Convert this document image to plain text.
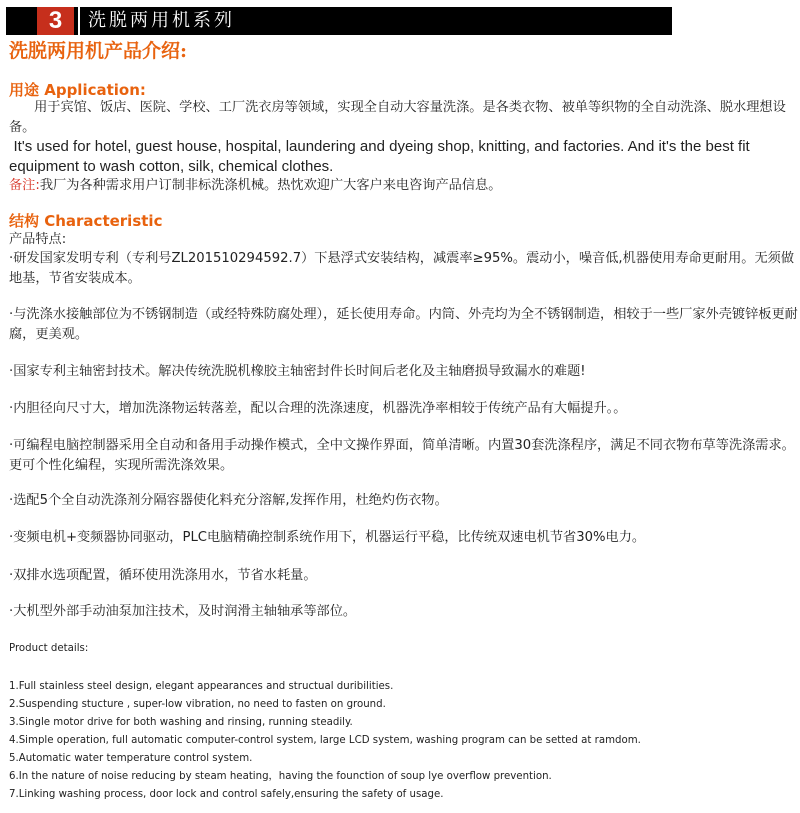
3	洗脱两用机系列
洗脱两用机产品介绍:
用途 Application:

用于宾馆、饭店、医院、学校、工厂洗衣房等领域，实现全自动大容量洗涤。是各类衣物、被单等织物的全自动洗涤、脱水理想设备。

It's used for hotel, guest house, hospital, laundering and dyeing shop, knitting, and factories. And it's the best fit equipment to wash cotton, silk, chemical clothes.

备注:我厂为各种需求用户订制非标洗涤机械。热忱欢迎广大客户来电咨询产品信息。

结构 Characteristic

产品特点:

·研发国家发明专利（专利号ZL201510294592.7）下悬浮式安装结构，减震率≥95%。震动小，噪音低,机器使用寿命更耐用。无须做地基，节省安装成本。

·与洗涤水接触部位为不锈钢制造（或经特殊防腐处理），延长使用寿命。内筒、外壳均为全不锈钢制造，相较于一些厂家外壳镀锌板更耐腐，更美观。

·国家专利主轴密封技术。解决传统洗脱机橡胶主轴密封件长时间后老化及主轴磨损导致漏水的难题!

·内胆径向尺寸大，增加洗涤物运转落差，配以合理的洗涤速度，机器洗净率相较于传统产品有大幅提升。。

·可编程电脑控制器采用全自动和备用手动操作模式，全中文操作界面，简单清晰。内置30套洗涤程序，满足不同衣物布草等洗涤需求。更可个性化编程，实现所需洗涤效果。

·选配5个全自动洗涤剂分隔容器使化料充分溶解,发挥作用，杜绝灼伤衣物。

·变频电机+变频器协同驱动，PLC电脑精确控制系统作用下，机器运行平稳，比传统双速电机节省30%电力。

·双排水选项配置，循环使用洗涤用水，节省水耗量。

·大机型外部手动油泵加注技术，及时润滑主轴轴承等部位。

Product details:

1.Full stainless steel design, elegant appearances and structual duribilities.
2.Suspending stucture , super-low vibration, no need to fasten on ground.
3.Single motor drive for both washing and rinsing, running steadily.
4.Simple operation, full automatic computer-control system, large LCD system, washing program can be setted at ramdom.
5.Automatic water temperature control system.
6.In the nature of noise reducing by steam heating，having the founction of soup lye overflow prevention.
7.Linking washing process, door lock and control safely,ensuring the safety of usage.
